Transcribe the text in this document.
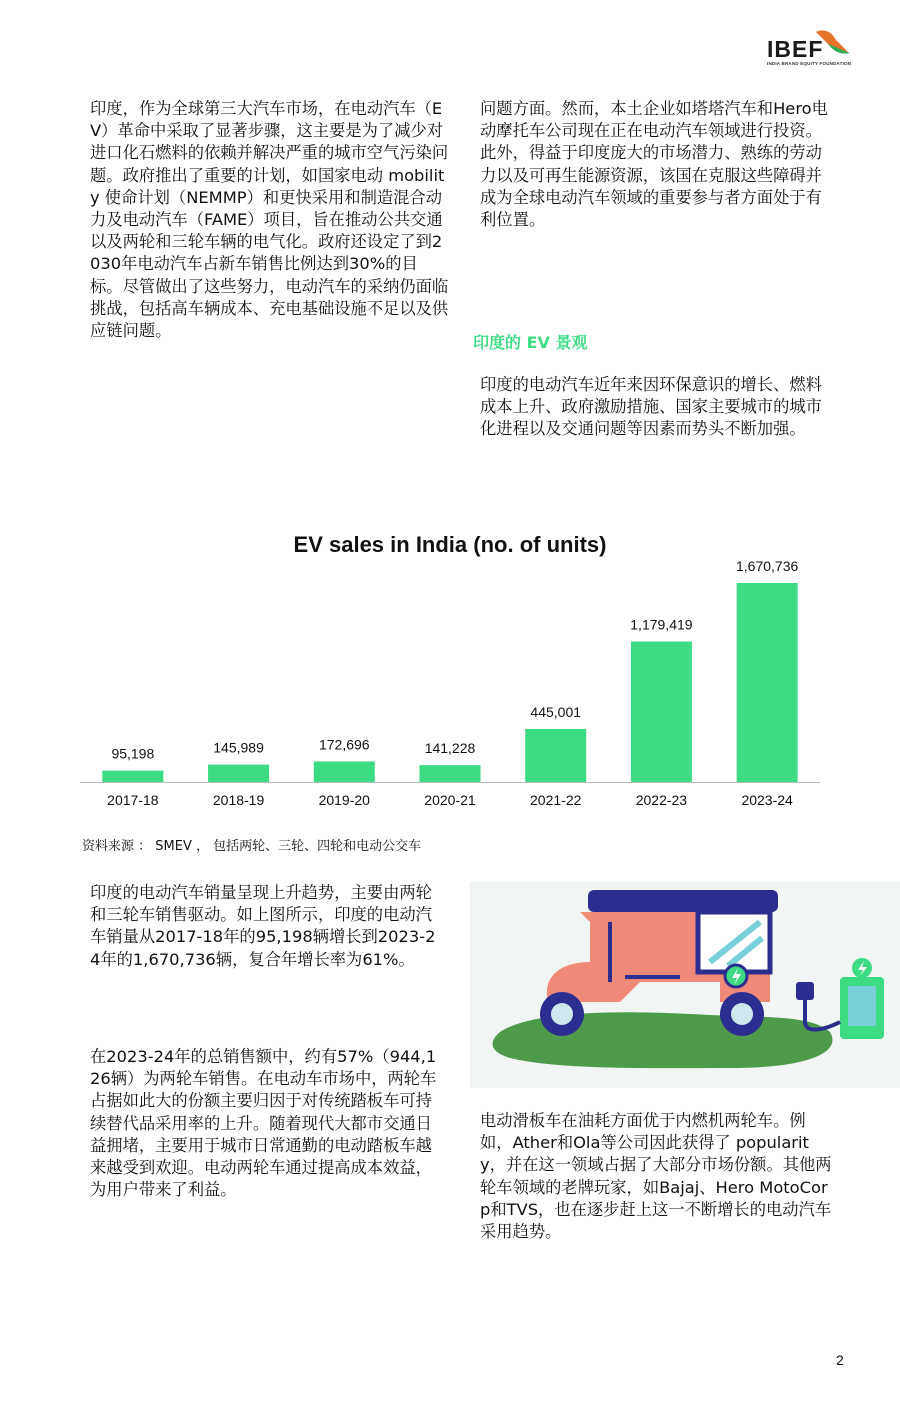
IBEF
INDIA BRAND EQUITY FOUNDATION

印度，作为全球第三大汽车市场，在电动汽车（EV）革命中采取了显著步骤，这主要是为了减少对进口化石燃料的依赖并解决严重的城市空气污染问题。政府推出了重要的计划，如国家电动 mobility 使命计划（NEMMP）和更快采用和制造混合动力及电动汽车（FAME）项目，旨在推动公共交通以及两轮和三轮车辆的电气化。政府还设定了到2030年电动汽车占新车销售比例达到30%的目标。尽管做出了这些努力，电动汽车的采纳仍面临挑战，包括高车辆成本、充电基础设施不足以及供应链问题。

问题方面。然而，本土企业如塔塔汽车和Hero电动摩托车公司现在正在电动汽车领域进行投资。此外，得益于印度庞大的市场潜力、熟练的劳动力以及可再生能源资源，该国在克服这些障碍并成为全球电动汽车领域的重要参与者方面处于有利位置。

印度的 EV 景观

印度的电动汽车近年来因环保意识的增长、燃料成本上升、政府激励措施、国家主要城市的城市化进程以及交通问题等因素而势头不断加强。

EV sales in India (no. of units)
95,198
2017-18
145,989
2018-19
172,696
2019-20
141,228
2020-21
445,001
2021-22
1,179,419
2022-23
1,670,736
2023-24
资料来源 ： SMEV ， 包括两轮、三轮、四轮和电动公交车

印度的电动汽车销量呈现上升趋势，主要由两轮和三轮车销售驱动。如上图所示，印度的电动汽车销量从2017-18年的95,198辆增长到2023-24年的1,670,736辆，复合年增长率为61%。

在2023-24年的总销售额中，约有57%（944,126辆）为两轮车销售。在电动车市场中，两轮车占据如此大的份额主要归因于对传统踏板车可持续替代品采用率的上升。随着现代大都市交通日益拥堵，主要用于城市日常通勤的电动踏板车越来越受到欢迎。电动两轮车通过提高成本效益，为用户带来了利益。

电动滑板车在油耗方面优于内燃机两轮车。例如，Ather和Ola等公司因此获得了 popularity，并在这一领域占据了大部分市场份额。其他两轮车领域的老牌玩家，如Bajaj、Hero MotoCorp和TVS，也在逐步赶上这一不断增长的电动汽车采用趋势。

2
